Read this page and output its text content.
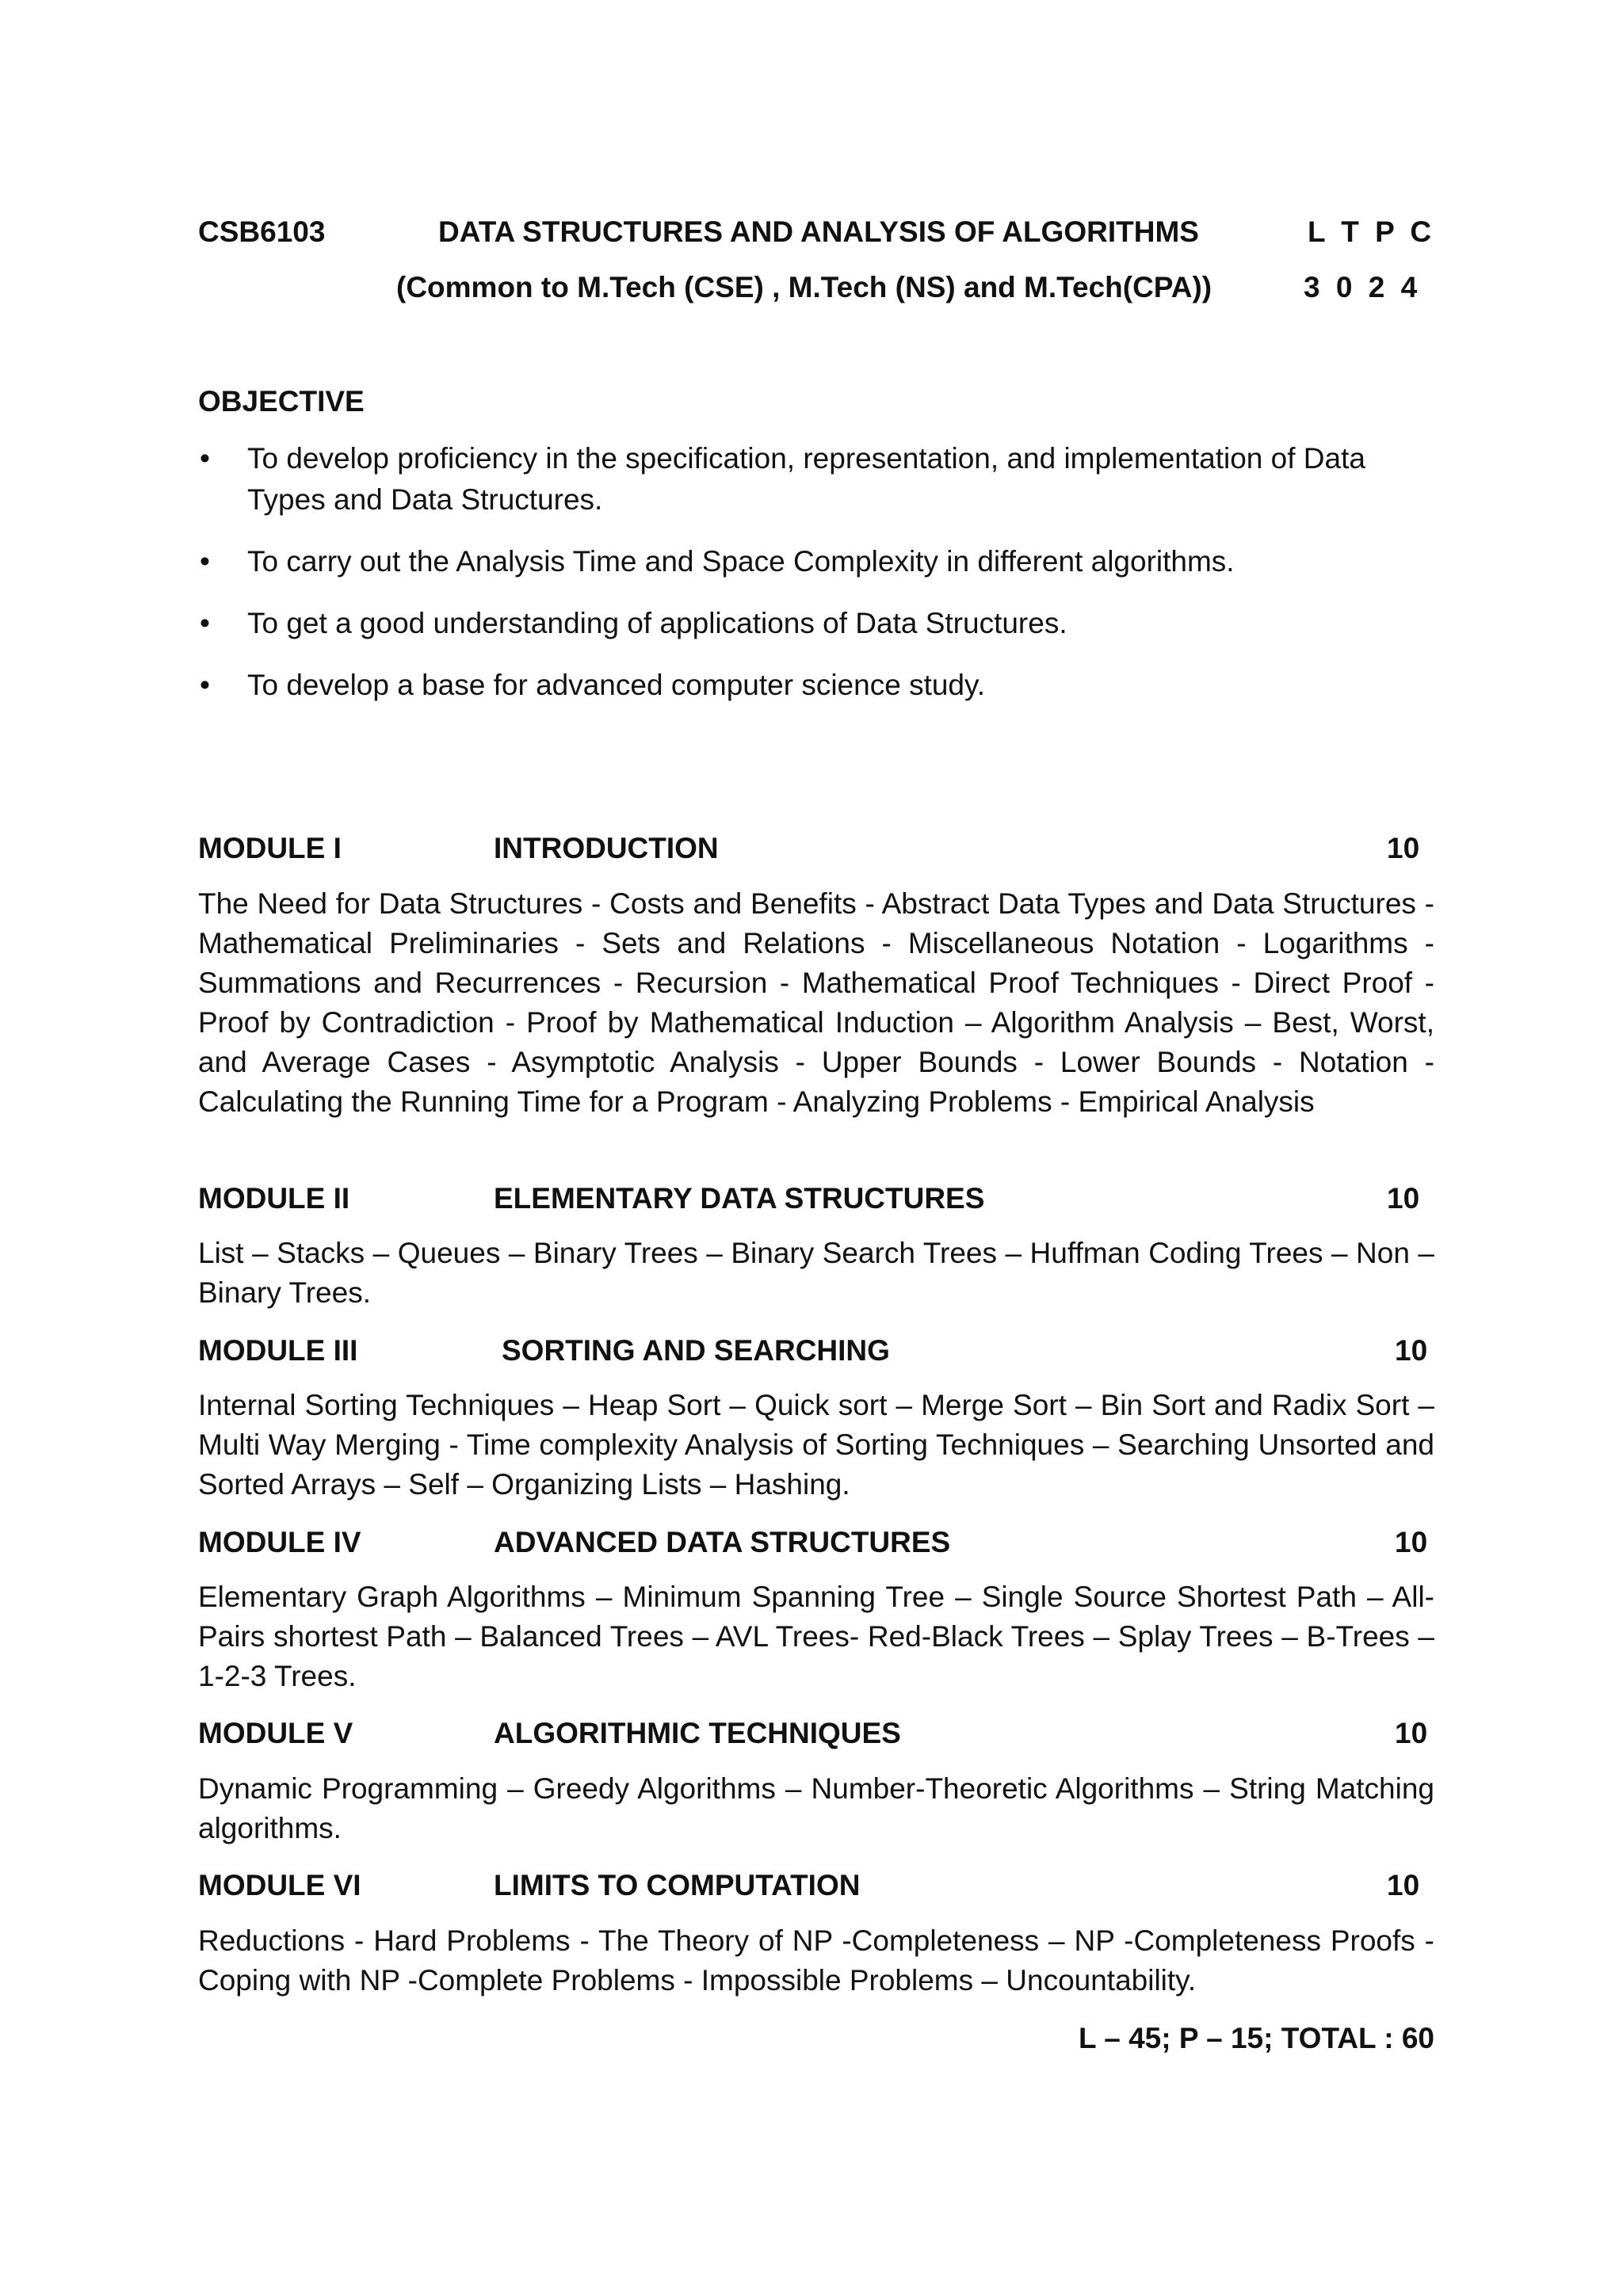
CSB6103	DATA STRUCTURES AND ANALYSIS OF ALGORITHMS	L T P C
(Common to M.Tech (CSE) , M.Tech (NS) and M.Tech(CPA))	3 0 2 4
OBJECTIVE
• To develop proficiency in the specification, representation, and implementation of Data Types and Data Structures.
• To carry out the Analysis Time and Space Complexity in different algorithms.
• To get a good understanding of applications of Data Structures.
• To develop a base for advanced computer science study.
MODULE I	INTRODUCTION	10
The Need for Data Structures - Costs and Benefits - Abstract Data Types and Data Structures - Mathematical Preliminaries - Sets and Relations - Miscellaneous Notation - Logarithms -Summations and Recurrences - Recursion - Mathematical Proof Techniques - Direct Proof - Proof by Contradiction - Proof by Mathematical Induction – Algorithm Analysis – Best, Worst, and Average Cases - Asymptotic Analysis - Upper Bounds - Lower Bounds - Notation - Calculating the Running Time for a Program - Analyzing Problems - Empirical Analysis
MODULE II	ELEMENTARY DATA STRUCTURES	10
List – Stacks – Queues – Binary Trees – Binary Search Trees – Huffman Coding Trees – Non – Binary Trees.
MODULE III	SORTING AND SEARCHING	10
Internal Sorting Techniques – Heap Sort – Quick sort – Merge Sort – Bin Sort and Radix Sort – Multi Way Merging - Time complexity Analysis of Sorting Techniques – Searching Unsorted and Sorted Arrays – Self – Organizing Lists – Hashing.
MODULE IV	ADVANCED DATA STRUCTURES	10
Elementary Graph Algorithms – Minimum Spanning Tree – Single Source Shortest Path – All-Pairs shortest Path – Balanced Trees – AVL Trees- Red-Black Trees – Splay Trees – B-Trees – 1-2-3 Trees.
MODULE V	ALGORITHMIC TECHNIQUES	10
Dynamic Programming – Greedy Algorithms – Number-Theoretic Algorithms – String Matching algorithms.
MODULE VI	LIMITS TO COMPUTATION	10
Reductions - Hard Problems - The Theory of NP -Completeness – NP -Completeness Proofs - Coping with NP -Complete Problems - Impossible Problems – Uncountability.
L – 45; P – 15; TOTAL : 60
